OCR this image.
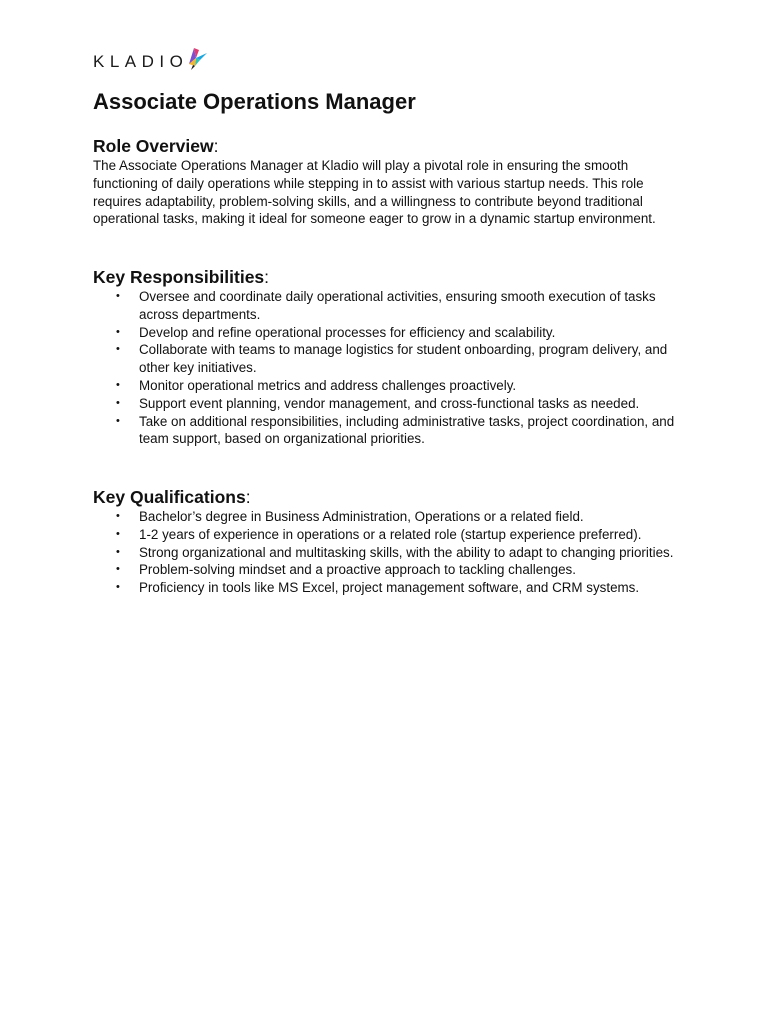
KLADIO
Associate Operations Manager
Role Overview:

The Associate Operations Manager at Kladio will play a pivotal role in ensuring the smooth functioning of daily operations while stepping in to assist with various startup needs. This role requires adaptability, problem-solving skills, and a willingness to contribute beyond traditional operational tasks, making it ideal for someone eager to grow in a dynamic startup environment.

Key Responsibilities:
• Oversee and coordinate daily operational activities, ensuring smooth execution of tasks across departments.
• Develop and refine operational processes for efficiency and scalability.
• Collaborate with teams to manage logistics for student onboarding, program delivery, and other key initiatives.
• Monitor operational metrics and address challenges proactively.
• Support event planning, vendor management, and cross-functional tasks as needed.
• Take on additional responsibilities, including administrative tasks, project coordination, and team support, based on organizational priorities.
Key Qualifications:
• Bachelor’s degree in Business Administration, Operations or a related field.
• 1-2 years of experience in operations or a related role (startup experience preferred).
• Strong organizational and multitasking skills, with the ability to adapt to changing priorities.
• Problem-solving mindset and a proactive approach to tackling challenges.
• Proficiency in tools like MS Excel, project management software, and CRM systems.
